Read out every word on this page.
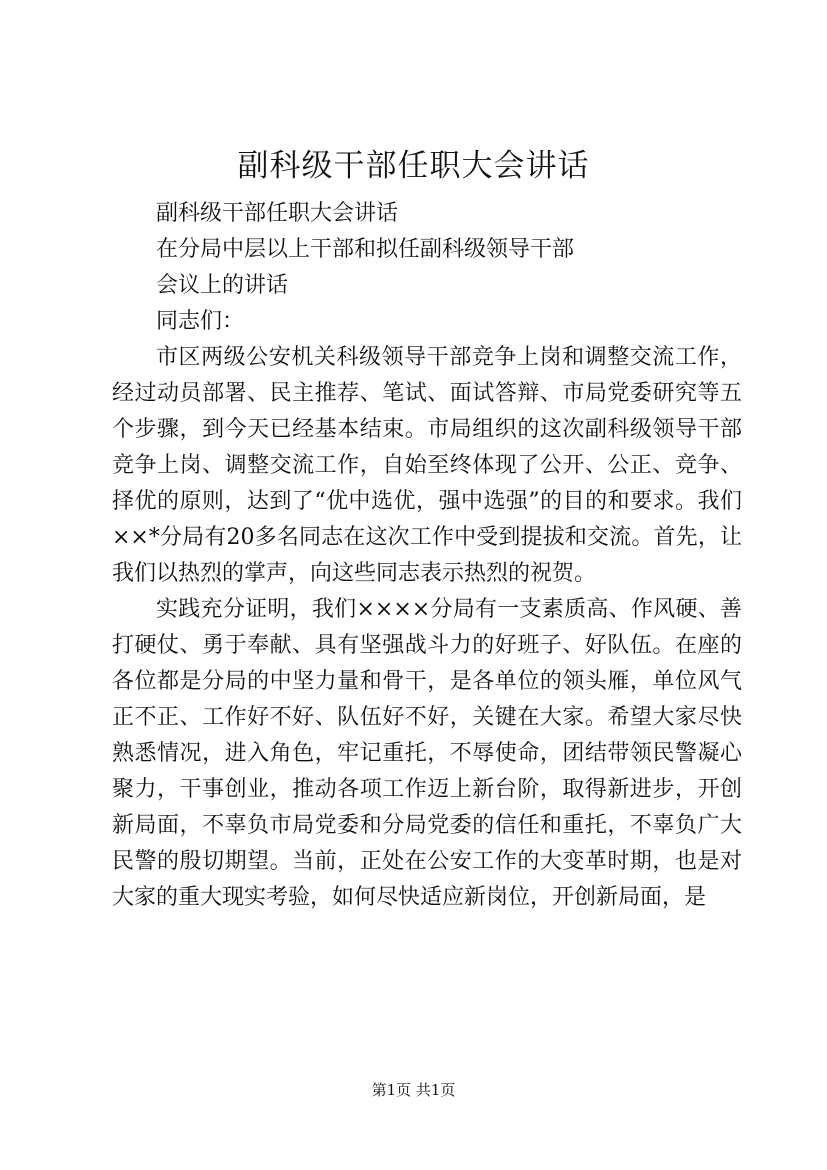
副科级干部任职大会讲话
副科级干部任职大会讲话
在分局中层以上干部和拟任副科级领导干部
会议上的讲话
同志们：

市区两级公安机关科级领导干部竞争上岗和调整交流工作，经过动员部署、民主推荐、笔试、面试答辩、市局党委研究等五个步骤，到今天已经基本结束。市局组织的这次副科级领导干部竞争上岗、调整交流工作，自始至终体现了公开、公正、竞争、择优的原则，达到了“优中选优，强中选强”的目的和要求。我们××*分局有20多名同志在这次工作中受到提拔和交流。首先，让我们以热烈的掌声，向这些同志表示热烈的祝贺。

实践充分证明，我们××××分局有一支素质高、作风硬、善打硬仗、勇于奉献、具有坚强战斗力的好班子、好队伍。在座的各位都是分局的中坚力量和骨干，是各单位的领头雁，单位风气正不正、工作好不好、队伍好不好，关键在大家。希望大家尽快熟悉情况，进入角色，牢记重托，不辱使命，团结带领民警凝心聚力，干事创业，推动各项工作迈上新台阶，取得新进步，开创新局面，不辜负市局党委和分局党委的信任和重托，不辜负广大民警的殷切期望。当前，正处在公安工作的大变革时期，也是对大家的重大现实考验，如何尽快适应新岗位，开创新局面，是

第1页 共1页
